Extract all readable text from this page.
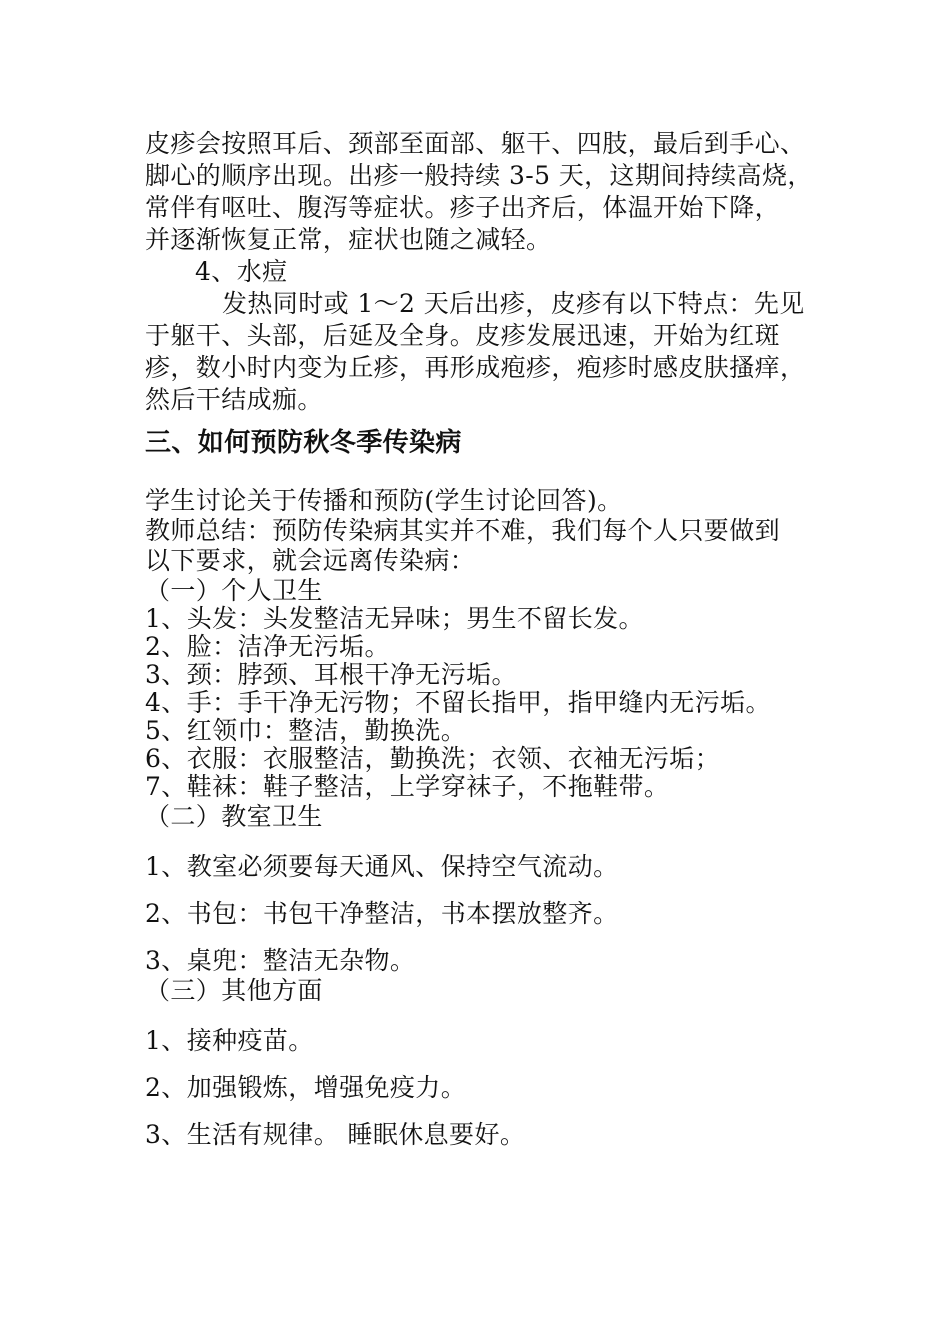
皮疹会按照耳后、颈部至面部、躯干、四肢，最后到手心、
脚心的顺序出现。出疹一般持续 3-5 天，这期间持续高烧，
常伴有呕吐、腹泻等症状。疹子出齐后，体温开始下降，
并逐渐恢复正常，症状也随之减轻。
4、水痘
发热同时或 1～2 天后出疹，皮疹有以下特点：先见
于躯干、头部，后延及全身。皮疹发展迅速，开始为红斑
疹，数小时内变为丘疹，再形成疱疹，疱疹时感皮肤搔痒，
然后干结成痂。
三、如何预防秋冬季传染病
学生讨论关于传播和预防(学生讨论回答)。
教师总结：预防传染病其实并不难，我们每个人只要做到
以下要求，就会远离传染病：
（一）个人卫生
1、头发：头发整洁无异味；男生不留长发。
2、脸：洁净无污垢。
3、颈：脖颈、耳根干净无污垢。
4、手：手干净无污物；不留长指甲，指甲缝内无污垢。
5、红领巾：整洁，勤换洗。
6、衣服：衣服整洁，勤换洗；衣领、衣袖无污垢；
7、鞋袜：鞋子整洁，上学穿袜子，不拖鞋带。
（二）教室卫生
1、教室必须要每天通风、保持空气流动。
2、书包：书包干净整洁，书本摆放整齐。
3、桌兜：整洁无杂物。
（三）其他方面
1、接种疫苗。
2、加强锻炼，增强免疫力。
3、生活有规律。 睡眠休息要好。
